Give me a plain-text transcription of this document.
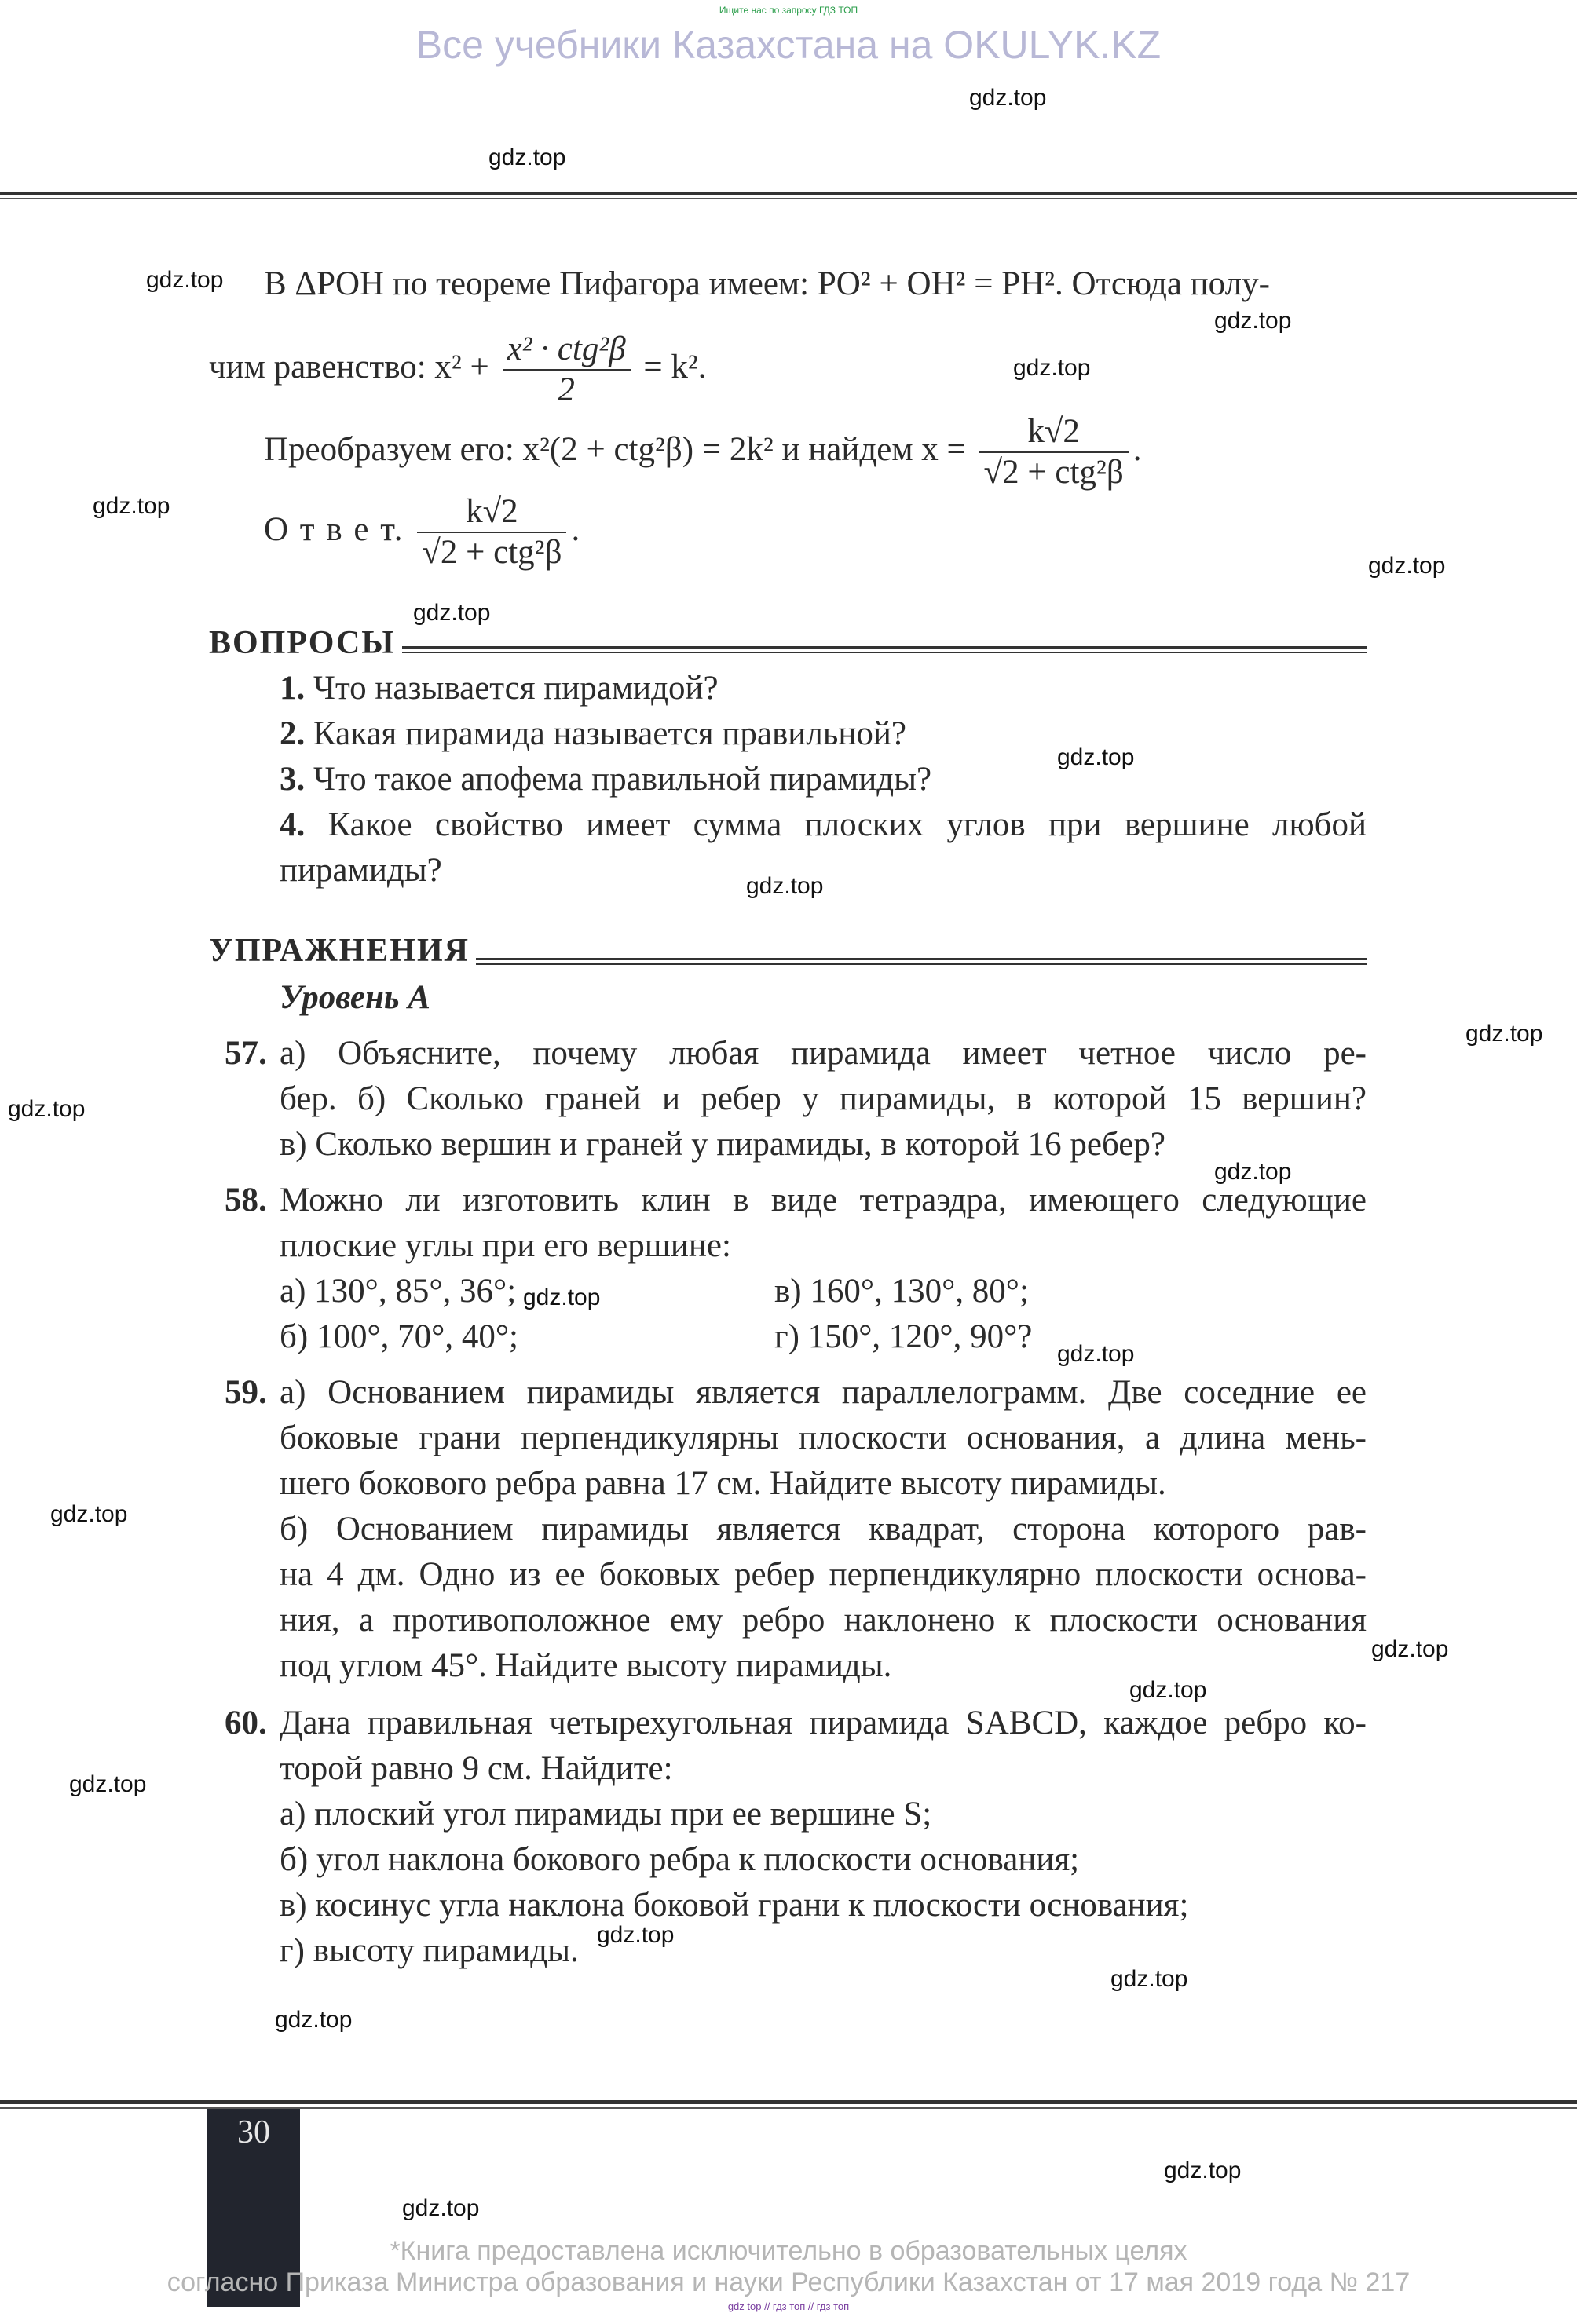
Ищите нас по запросу ГДЗ ТОП
Все учебники Казахстана на OKULYK.KZ
В ΔPOH по теореме Пифагора имеем: PO² + OH² = PH². Отсюда полу-
чим равенство: $x^2 + \frac{\text{x² · ctg²β}}{2} = k^2$.
Преобразуем его: x²(2 + ctg²β) = 2k² и найдем $x = \frac{k√2}{\text{√2 + ctg²β}}$ .
О т в е т. $\frac{k√2}{\text{√2 + ctg²β}}$ .
ВОПРОСЫ
1. Что называется пирамидой?
2. Какая пирамида называется правильной?
3. Что такое апофема правильной пирамиды?
4. Какое свойство имеет сумма плоских углов при вершине любой
пирамиды?
УПРАЖНЕНИЯ
Уровень А
57. а) Объясните, почему любая пирамида имеет четное число ре-
бер. б) Сколько граней и ребер у пирамиды, в которой 15 вершин?
в) Сколько вершин и граней у пирамиды, в которой 16 ребер?
58. Можно ли изготовить клин в виде тетраэдра, имеющего следующие
плоские углы при его вершине:
а) 130°, 85°, 36°;	в) 160°, 130°, 80°;
б) 100°, 70°, 40°;	г) 150°, 120°, 90°?
59. а) Основанием пирамиды является параллелограмм. Две соседние ее
боковые грани перпендикулярны плоскости основания, а длина мень-
шего бокового ребра равна 17 см. Найдите высоту пирамиды.
б) Основанием пирамиды является квадрат, сторона которого рав-
на 4 дм. Одно из ее боковых ребер перпендикулярно плоскости основа-
ния, а противоположное ему ребро наклонено к плоскости основания
под углом 45°. Найдите высоту пирамиды.
60. Дана правильная четырехугольная пирамида SABCD, каждое ребро ко-
торой равно 9 см. Найдите:
а) плоский угол пирамиды при ее вершине S;
б) угол наклона бокового ребра к плоскости основания;
в) косинус угла наклона боковой грани к плоскости основания;
г) высоту пирамиды.
30
*Книга предоставлена исключительно в образовательных целях
согласно Приказа Министра образования и науки Республики Казахстан от 17 мая 2019 года № 217
gdz top // гдз топ // гдз топ
gdz.top
gdz.top
gdz.top
gdz.top
gdz.top
gdz.top
gdz.top
gdz.top
gdz.top
gdz.top
gdz.top
gdz.top
gdz.top
gdz.top
gdz.top
gdz.top
gdz.top
gdz.top
gdz.top
gdz.top
gdz.top
gdz.top
gdz.top
gdz.top
